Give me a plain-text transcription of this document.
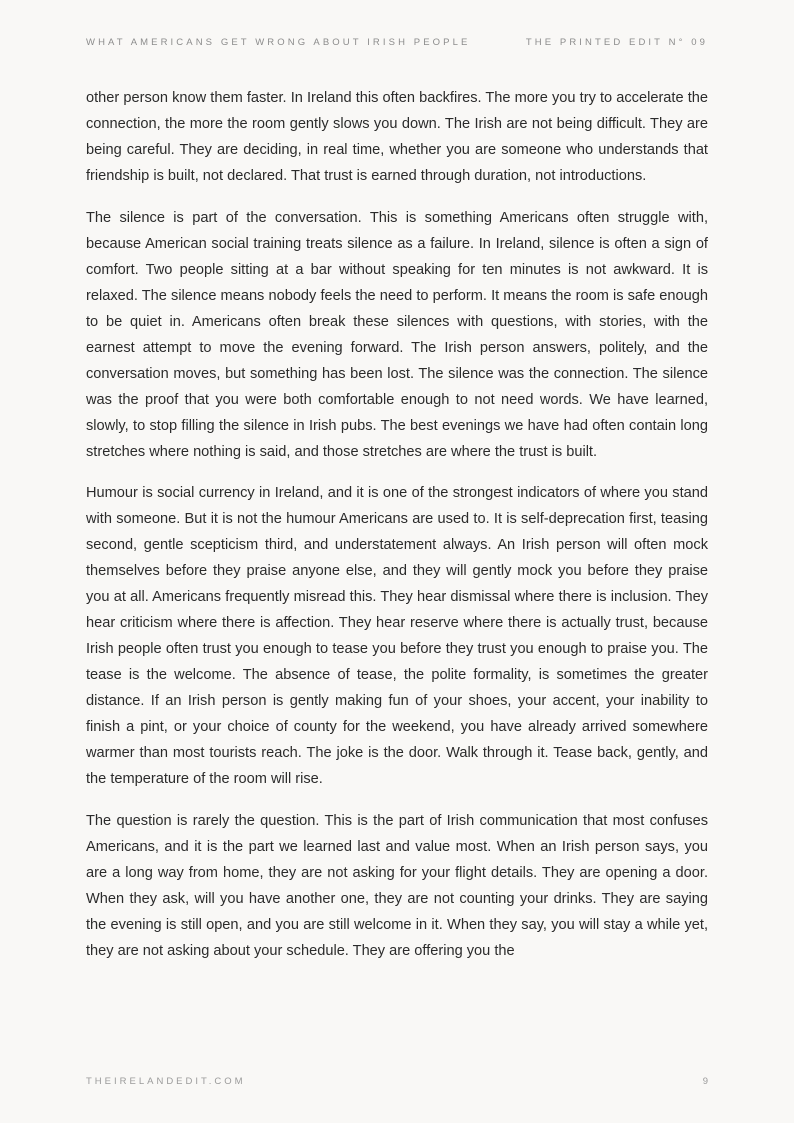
WHAT AMERICANS GET WRONG ABOUT IRISH PEOPLE	THE PRINTED EDIT N° 09

other person know them faster. In Ireland this often backfires. The more you try to accelerate the connection, the more the room gently slows you down. The Irish are not being difficult. They are being careful. They are deciding, in real time, whether you are someone who understands that friendship is built, not declared. That trust is earned through duration, not introductions.

The silence is part of the conversation. This is something Americans often struggle with, because American social training treats silence as a failure. In Ireland, silence is often a sign of comfort. Two people sitting at a bar without speaking for ten minutes is not awkward. It is relaxed. The silence means nobody feels the need to perform. It means the room is safe enough to be quiet in. Americans often break these silences with questions, with stories, with the earnest attempt to move the evening forward. The Irish person answers, politely, and the conversation moves, but something has been lost. The silence was the connection. The silence was the proof that you were both comfortable enough to not need words. We have learned, slowly, to stop filling the silence in Irish pubs. The best evenings we have had often contain long stretches where nothing is said, and those stretches are where the trust is built.

Humour is social currency in Ireland, and it is one of the strongest indicators of where you stand with someone. But it is not the humour Americans are used to. It is self-deprecation first, teasing second, gentle scepticism third, and understatement always. An Irish person will often mock themselves before they praise anyone else, and they will gently mock you before they praise you at all. Americans frequently misread this. They hear dismissal where there is inclusion. They hear criticism where there is affection. They hear reserve where there is actually trust, because Irish people often trust you enough to tease you before they trust you enough to praise you. The tease is the welcome. The absence of tease, the polite formality, is sometimes the greater distance. If an Irish person is gently making fun of your shoes, your accent, your inability to finish a pint, or your choice of county for the weekend, you have already arrived somewhere warmer than most tourists reach. The joke is the door. Walk through it. Tease back, gently, and the temperature of the room will rise.

The question is rarely the question. This is the part of Irish communication that most confuses Americans, and it is the part we learned last and value most. When an Irish person says, you are a long way from home, they are not asking for your flight details. They are opening a door. When they ask, will you have another one, they are not counting your drinks. They are saying the evening is still open, and you are still welcome in it. When they say, you will stay a while yet, they are not asking about your schedule. They are offering you the

THEIRELANDEDIT.COM	9
